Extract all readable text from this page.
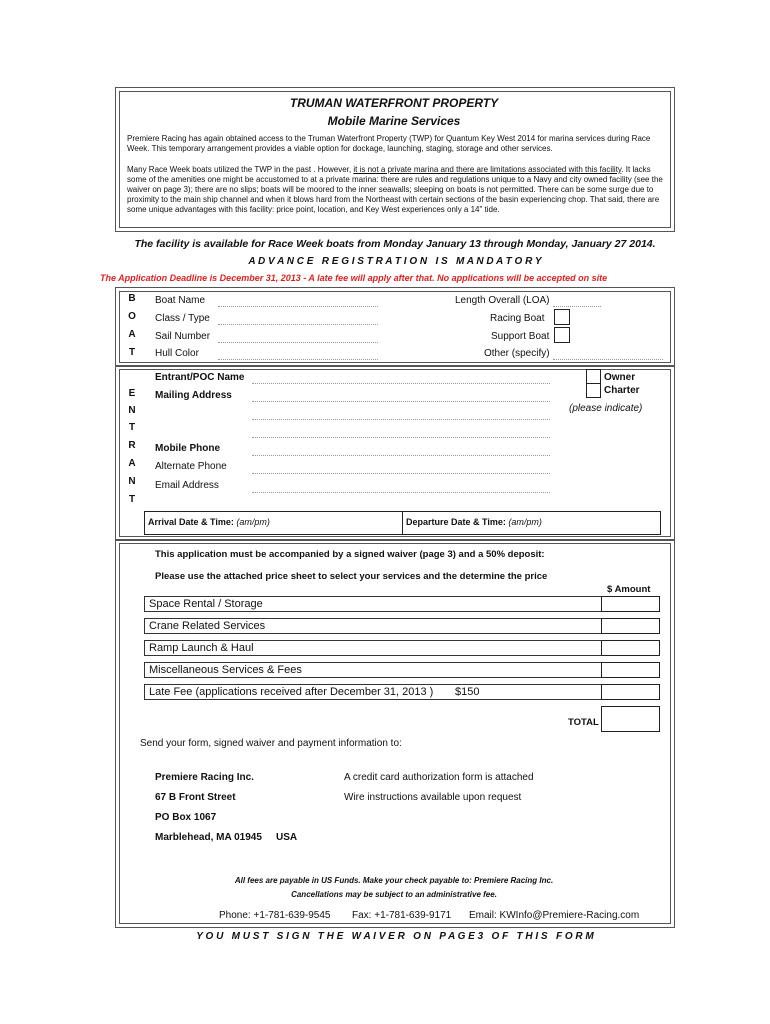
TRUMAN WATERFRONT PROPERTY
Mobile Marine Services
Premiere Racing has again obtained access to the Truman Waterfront Property (TWP) for Quantum Key West 2014 for marina services during Race Week. This temporary arrangement provides a viable option for dockage, launching, staging, storage and other services.
Many Race Week boats utilized the TWP in the past . However, it is not a private marina and there are limitations associated with this facility. It lacks some of the amenities one might be accustomed to at a private marina: there are rules and regulations unique to a Navy and city owned facility (see the waiver on page 3); there are no slips; boats will be moored to the inner seawalls; sleeping on boats is not permitted. There can be some surge due to proximity to the main ship channel and when it blows hard from the Northeast with certain sections of the basin experiencing chop. That said, there are some unique advantages with this facility: price point, location, and Key West experiences only a 14" tide.
The facility is available for Race Week boats from Monday January 13 through Monday, January 27 2014.
A D V A N C E   R E G I S T R A T I O N   I S   M A N D A T O R Y
The Application Deadline is December 31, 2013 - A late fee will apply after that. No applications will be accepted on site
B
O
A
T
Boat Name
Class / Type
Sail Number
Hull Color
Length Overall (LOA)
Racing Boat
Support Boat
Other (specify)
E
N
T
R
A
N
T
Entrant/POC Name
Mailing Address
Mobile Phone
Alternate Phone
Email Address
Owner
Charter
(please indicate)
Arrival Date & Time: (am/pm)	Departure Date & Time: (am/pm)
This application must be accompanied by a signed waiver (page 3) and a 50% deposit:
Please use the attached price sheet to select your services and the determine the price
$ Amount
Space Rental / Storage
Crane Related Services
Ramp Launch & Haul
Miscellaneous Services & Fees
Late Fee (applications received after December 31, 2013 ) $150
TOTAL
Send your form, signed waiver and payment information to:
Premiere Racing Inc.
67 B Front Street
PO Box 1067
Marblehead, MA 01945 USA
A credit card authorization form is attached
Wire instructions available upon request
All fees are payable in US Funds. Make your check payable to: Premiere Racing Inc.
Cancellations may be subject to an administrative fee.
Phone: +1-781-639-9545 Fax: +1-781-639-9171 Email: KWInfo@Premiere-Racing.com
Y O U   M U S T   S I G N   T H E   W A I V E R   O N   P A G E 3   O F   T H I S   F O R M
